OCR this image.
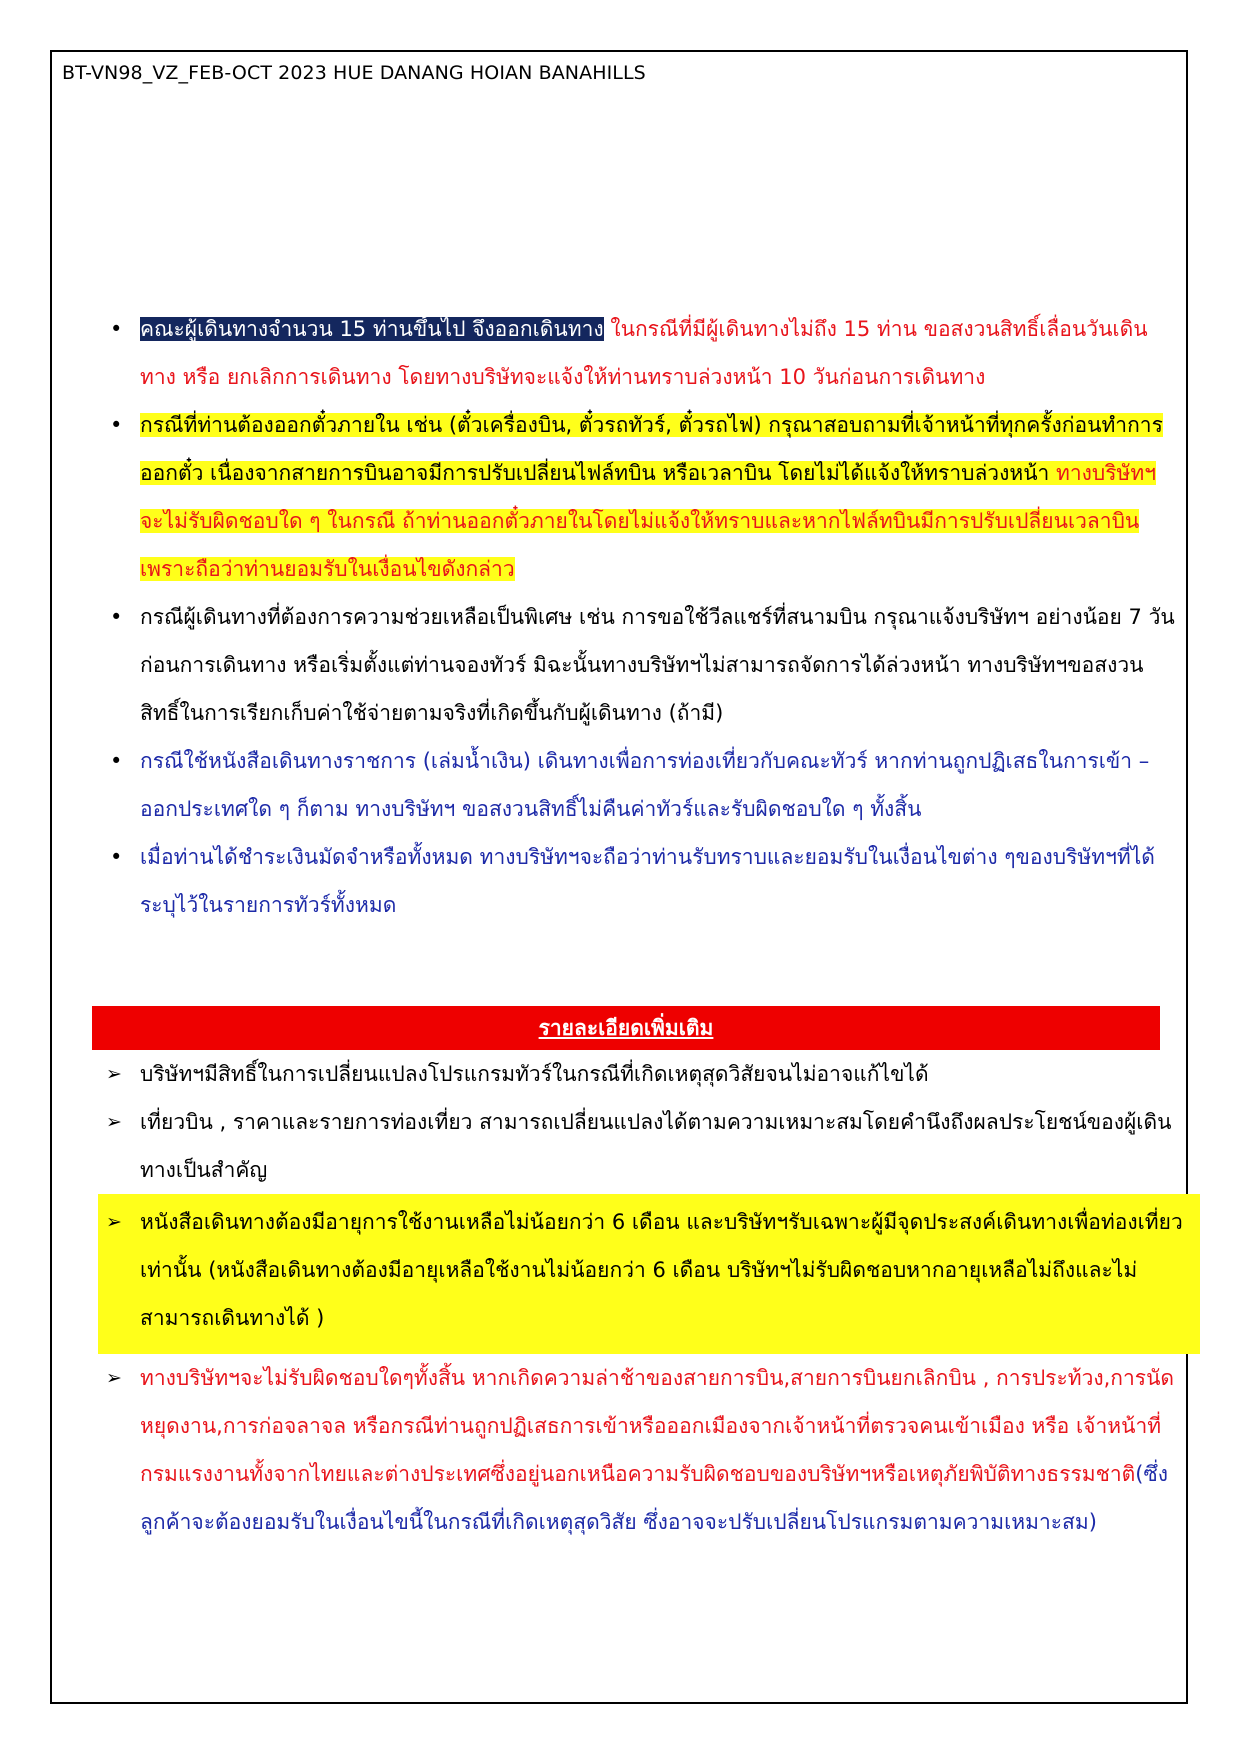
BT-VN98_VZ_FEB-OCT 2023 HUE DANANG HOIAN BANAHILLS
• คณะผู้เดินทางจำนวน 15 ท่านขึ้นไป จึงออกเดินทาง ในกรณีที่มีผู้เดินทางไม่ถึง 15 ท่าน ขอสงวนสิทธิ์เลื่อนวันเดินทาง หรือ ยกเลิกการเดินทาง โดยทางบริษัทจะแจ้งให้ท่านทราบล่วงหน้า 10 วันก่อนการเดินทาง
• กรณีที่ท่านต้องออกตั๋วภายใน เช่น (ตั๋วเครื่องบิน, ตั๋วรถทัวร์, ตั๋วรถไฟ) กรุณาสอบถามที่เจ้าหน้าที่ทุกครั้งก่อนทำการออกตั๋ว เนื่องจากสายการบินอาจมีการปรับเปลี่ยนไฟล์ทบิน หรือเวลาบิน โดยไม่ได้แจ้งให้ทราบล่วงหน้า ทางบริษัทฯ จะไม่รับผิดชอบใด ๆ ในกรณี ถ้าท่านออกตั๋วภายในโดยไม่แจ้งให้ทราบและหากไฟล์ทบินมีการปรับเปลี่ยนเวลาบินเพราะถือว่าท่านยอมรับในเงื่อนไขดังกล่าว
• กรณีผู้เดินทางที่ต้องการความช่วยเหลือเป็นพิเศษ เช่น การขอใช้วีลแชร์ที่สนามบิน กรุณาแจ้งบริษัทฯ อย่างน้อย 7 วันก่อนการเดินทาง หรือเริ่มตั้งแต่ท่านจองทัวร์ มิฉะนั้นทางบริษัทฯไม่สามารถจัดการได้ล่วงหน้า ทางบริษัทฯขอสงวนสิทธิ์ในการเรียกเก็บค่าใช้จ่ายตามจริงที่เกิดขึ้นกับผู้เดินทาง (ถ้ามี)
• กรณีใช้หนังสือเดินทางราชการ (เล่มน้ำเงิน) เดินทางเพื่อการท่องเที่ยวกับคณะทัวร์ หากท่านถูกปฏิเสธในการเข้า – ออกประเทศใด ๆ ก็ตาม ทางบริษัทฯ ขอสงวนสิทธิ์ไม่คืนค่าทัวร์และรับผิดชอบใด ๆ ทั้งสิ้น
• เมื่อท่านได้ชำระเงินมัดจำหรือทั้งหมด ทางบริษัทฯจะถือว่าท่านรับทราบและยอมรับในเงื่อนไขต่าง ๆของบริษัทฯที่ได้ระบุไว้ในรายการทัวร์ทั้งหมด
รายละเอียดเพิ่มเติม
➢ บริษัทฯมีสิทธิ์ในการเปลี่ยนแปลงโปรแกรมทัวร์ในกรณีที่เกิดเหตุสุดวิสัยจนไม่อาจแก้ไขได้
➢ เที่ยวบิน , ราคาและรายการท่องเที่ยว สามารถเปลี่ยนแปลงได้ตามความเหมาะสมโดยคำนึงถึงผลประโยชน์ของผู้เดินทางเป็นสำคัญ
➢ หนังสือเดินทางต้องมีอายุการใช้งานเหลือไม่น้อยกว่า 6 เดือน และบริษัทฯรับเฉพาะผู้มีจุดประสงค์เดินทางเพื่อท่องเที่ยวเท่านั้น (หนังสือเดินทางต้องมีอายุเหลือใช้งานไม่น้อยกว่า 6 เดือน บริษัทฯไม่รับผิดชอบหากอายุเหลือไม่ถึงและไม่สามารถเดินทางได้ )
➢ ทางบริษัทฯจะไม่รับผิดชอบใดๆทั้งสิ้น หากเกิดความล่าช้าของสายการบิน,สายการบินยกเลิกบิน , การประท้วง,การนัดหยุดงาน,การก่อจลาจล หรือกรณีท่านถูกปฏิเสธการเข้าหรือออกเมืองจากเจ้าหน้าที่ตรวจคนเข้าเมือง หรือ เจ้าหน้าที่กรมแรงงานทั้งจากไทยและต่างประเทศซึ่งอยู่นอกเหนือความรับผิดชอบของบริษัทฯหรือเหตุภัยพิบัติทางธรรมชาติ(ซึ่งลูกค้าจะต้องยอมรับในเงื่อนไขนี้ในกรณีที่เกิดเหตุสุดวิสัย ซึ่งอาจจะปรับเปลี่ยนโปรแกรมตามความเหมาะสม)
